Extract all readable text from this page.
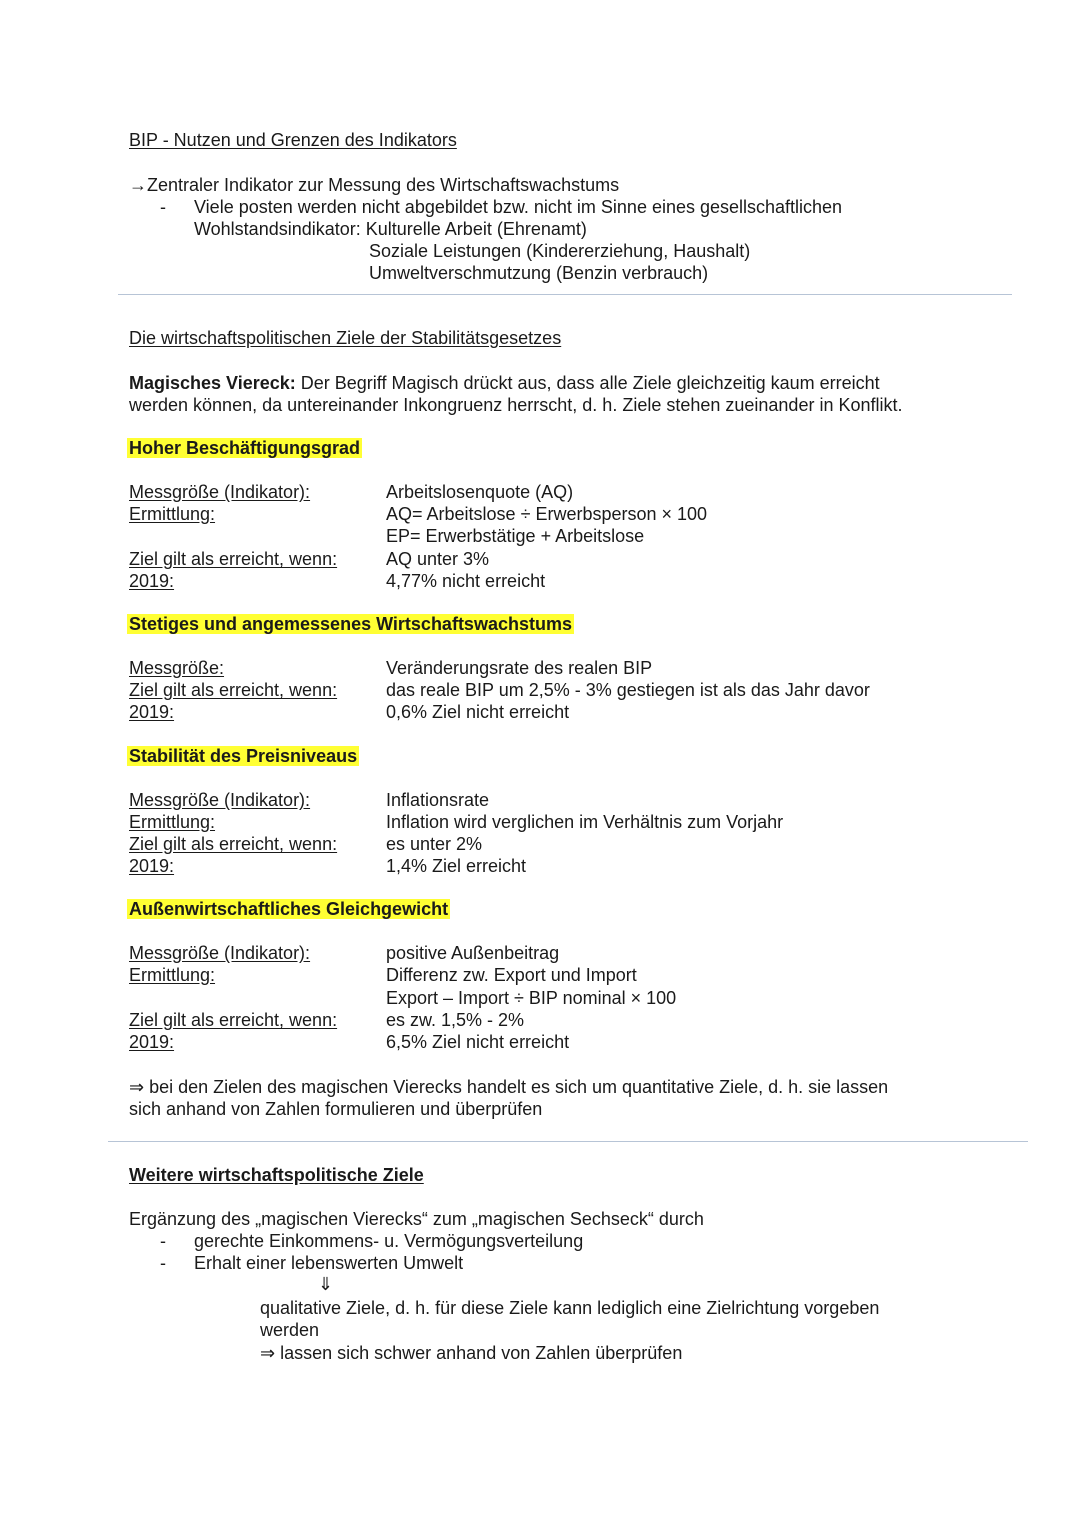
BIP - Nutzen und Grenzen des Indikators
→Zentraler Indikator zur Messung des Wirtschaftswachstums
- Viele posten werden nicht abgebildet bzw. nicht im Sinne eines gesellschaftlichen
Wohlstandsindikator: Kulturelle Arbeit (Ehrenamt)
Soziale Leistungen (Kindererziehung, Haushalt)
Umweltverschmutzung (Benzin verbrauch)
Die wirtschaftspolitischen Ziele der Stabilitätsgesetzes
Magisches Viereck: Der Begriff Magisch drückt aus, dass alle Ziele gleichzeitig kaum erreicht
werden können, da untereinander Inkongruenz herrscht, d. h. Ziele stehen zueinander in Konflikt.
Hoher Beschäftigungsgrad
Messgröße (Indikator):	Arbeitslosenquote (AQ)
Ermittlung:	AQ= Arbeitslose ÷ Erwerbsperson × 100
EP= Erwerbstätige + Arbeitslose
Ziel gilt als erreicht, wenn:	AQ unter 3%
2019:	4,77% nicht erreicht
Stetiges und angemessenes Wirtschaftswachstums
Messgröße:	Veränderungsrate des realen BIP
Ziel gilt als erreicht, wenn:	das reale BIP um 2,5% - 3% gestiegen ist als das Jahr davor
2019:	0,6% Ziel nicht erreicht
Stabilität des Preisniveaus
Messgröße (Indikator):	Inflationsrate
Ermittlung:	Inflation wird verglichen im Verhältnis zum Vorjahr
Ziel gilt als erreicht, wenn:	es unter 2%
2019:	1,4% Ziel erreicht
Außenwirtschaftliches Gleichgewicht
Messgröße (Indikator):	positive Außenbeitrag
Ermittlung:	Differenz zw. Export und Import
Export – Import ÷ BIP nominal × 100
Ziel gilt als erreicht, wenn:	es zw. 1,5% - 2%
2019:	6,5% Ziel nicht erreicht
⇒ bei den Zielen des magischen Vierecks handelt es sich um quantitative Ziele, d. h. sie lassen
sich anhand von Zahlen formulieren und überprüfen
Weitere wirtschaftspolitische Ziele
Ergänzung des „magischen Vierecks“ zum „magischen Sechseck“ durch
- gerechte Einkommens- u. Vermögungsverteilung
- Erhalt einer lebenswerten Umwelt
⇓
qualitative Ziele, d. h. für diese Ziele kann lediglich eine Zielrichtung vorgeben
werden
⇒ lassen sich schwer anhand von Zahlen überprüfen
